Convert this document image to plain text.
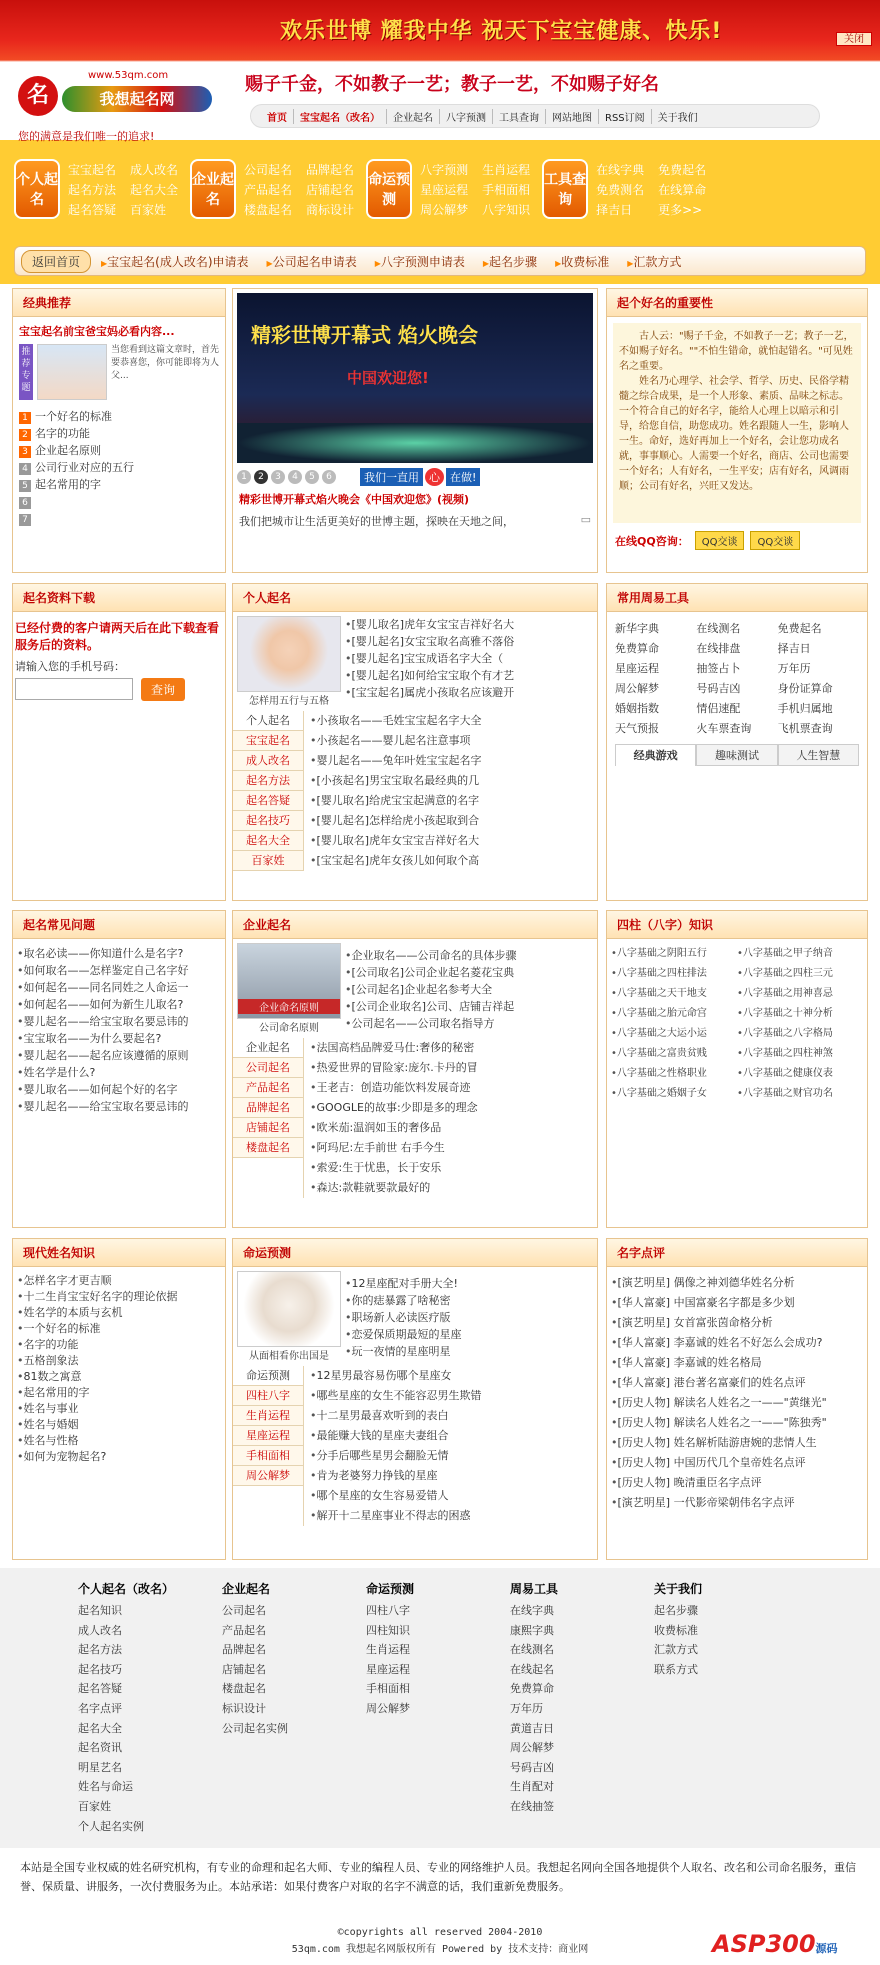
欢乐世博 耀我中华 祝天下宝宝健康、快乐!	关闭
名
www.53qm.com
我想起名网
您的满意是我们唯一的追求!
赐子千金，不如教子一艺；教子一艺，不如赐子好名
首页	宝宝起名（改名）	企业起名	八字预测	工具查询	网站地图	RSS订阅	关于我们
个人起名
宝宝起名 成人改名
起名方法 起名大全
起名答疑 百家姓
企业起名
公司起名 品牌起名
产品起名 店铺起名
楼盘起名 商标设计
命运预测
八字预测 生肖运程
星座运程 手相面相
周公解梦 八字知识
工具查询
在线字典 免费起名
免费测名 在线算命
择吉日	更多>>
返回首页	▶ 宝宝起名(成人改名)申请表	▶ 公司起名申请表	▶ 八字预测申请表	▶ 起名步骤	▶ 收费标准	▶ 汇款方式
经典推荐
宝宝起名前宝爸宝妈必看内容...
推荐专题
当您看到这篇文章时，首先要恭喜您，你可能即将为人父...
1 一个好名的标准
2 名字的功能
3 企业起名原则
4 公司行业对应的五行
5 起名常用的字
6
7
精彩世博开幕式 焰火晚会
中国欢迎您!
1	2	3	4	5	6	我们一直用 心 在做!
精彩世博开幕式焰火晚会《中国欢迎您》(视频)
我们把城市让生活更美好的世博主题，探映在天地之间，	▭
起个好名的重要性

古人云："赐子千金，不如教子一艺；教子一艺，不如赐子好名。""不怕生错命，就怕起错名。"可见姓名之重要。

姓名乃心理学、社会学、哲学、历史、民俗学精髓之综合成果，是一个人形象、素质、品味之标志。一个符合自己的好名字，能给人心理上以暗示和引导，给您自信，助您成功。姓名跟随人一生，影响人一生。命好，选好再加上一个好名，会让您功成名就，事事顺心。人需要一个好名，商店、公司也需要一个好名；人有好名，一生平安；店有好名，风调雨顺；公司有好名，兴旺又发达。

在线QQ咨询：	QQ交谈	QQ交谈
起名资料下载
已经付费的客户请两天后在此下载查看服务后的资料。
请输入您的手机号码：
查询
个人起名
怎样用五行与五格
• [婴儿取名]虎年女宝宝吉祥好名大
• [婴儿起名]女宝宝取名高雅不落俗
• [婴儿起名]宝宝成语名字大全（
• [婴儿起名]如何给宝宝取个有才艺
• [宝宝起名]属虎小孩取名应该避开
个人起名
宝宝起名
成人改名
起名方法
起名答疑
起名技巧
起名大全
百家姓
• 小孩取名——毛姓宝宝起名字大全
• 小孩起名——婴儿起名注意事项
• 婴儿起名——兔年叶姓宝宝起名字
• [小孩起名]男宝宝取名最经典的几
• [婴儿取名]给虎宝宝起满意的名字
• [婴儿起名]怎样给虎小孩起取到合
• [婴儿取名]虎年女宝宝吉祥好名大
• [宝宝起名]虎年女孩儿如何取个高
常用周易工具
新华字典	在线测名	免费起名
免费算命	在线排盘	择吉日
星座运程	抽签占卜	万年历
周公解梦	号码吉凶	身份证算命
婚姻指数	情侣速配	手机归属地
天气预报	火车票查询	飞机票查询
经典游戏	趣味测试	人生智慧
起名常见问题
• 取名必读——你知道什么是名字?
• 如何取名——怎样鉴定自己名字好
• 如何起名——同名同姓之人命运一
• 如何起名——如何为新生儿取名?
• 婴儿起名——给宝宝取名要忌讳的
• 宝宝取名——为什么要起名?
• 婴儿起名——起名应该遵循的原则
• 姓名学是什么?
• 婴儿取名——如何起个好的名字
• 婴儿起名——给宝宝取名要忌讳的
企业起名
企业命名原则
公司命名原则
• 企业取名——公司命名的具体步骤
• [公司取名]公司企业起名菱花宝典
• [公司起名]企业起名参考大全
• [公司企业取名]公司、店铺吉祥起
• 公司起名——公司取名指导方
企业起名
公司起名
产品起名
品牌起名
店铺起名
楼盘起名
• 法国高档品牌爱马仕:奢侈的秘密
• 热爱世界的冒险家:庞尔.卡丹的冒
• 王老吉：创造功能饮料发展奇迹
• GOOGLE的故事:少即是多的理念
• 欧米茄:温润如玉的奢侈品
• 阿玛尼:左手前世 右手今生
• 索爱:生于忧患，长于安乐
• 森达:款鞋就要款最好的
四柱（八字）知识
• 八字基础之阴阳五行	• 八字基础之甲子纳音
• 八字基础之四柱排法	• 八字基础之四柱三元
• 八字基础之天干地支	• 八字基础之用神喜忌
• 八字基础之胎元命宫	• 八字基础之十神分析
• 八字基础之大运小运	• 八字基础之八字格局
• 八字基础之富贵贫贱	• 八字基础之四柱神煞
• 八字基础之性格职业	• 八字基础之健康仪表
• 八字基础之婚姻子女	• 八字基础之财官功名
现代姓名知识
• 怎样名字才更吉顺
• 十二生肖宝宝好名字的理论依据
• 姓名学的本质与玄机
• 一个好名的标准
• 名字的功能
• 五格剖象法
• 81数之寓意
• 起名常用的字
• 姓名与事业
• 姓名与婚姻
• 姓名与性格
• 如何为宠物起名?
命运预测
从面相看你出国是
• 12星座配对手册大全!
• 你的痣暴露了啥秘密
• 职场新人必读医疗版
• 恋爱保质期最短的星座
• 玩一夜情的星座明星
命运预测
四柱八字
生肖运程
星座运程
手相面相
周公解梦
• 12星男最容易伤哪个星座女
• 哪些星座的女生不能容忍男生欺错
• 十二星男最喜欢听到的表白
• 最能赚大钱的星座夫妻组合
• 分手后哪些星男会翻脸无情
• 肯为老婆努力挣钱的星座
• 哪个星座的女生容易爱错人
• 解开十二星座事业不得志的困惑
名字点评
• [演艺明星] 偶像之神刘德华姓名分析
• [华人富豪] 中国富豪名字都是多少划
• [演艺明星] 女首富张茵命格分析
• [华人富豪] 李嘉诚的姓名不好怎么会成功?
• [华人富豪] 李嘉诚的姓名格局
• [华人富豪] 港台著名富豪们的姓名点评
• [历史人物] 解读名人姓名之一——"黄继光"
• [历史人物] 解读名人姓名之一——"陈独秀"
• [历史人物] 姓名解析陆游唐婉的悲情人生
• [历史人物] 中国历代几个皇帝姓名点评
• [历史人物] 晚清重臣名字点评
• [演艺明星] 一代影帝梁朝伟名字点评
个人起名（改名）
起名知识
成人改名
起名方法
起名技巧
起名答疑
名字点评
起名大全
起名资讯
明星艺名
姓名与命运
百家姓
个人起名实例
企业起名
公司起名
产品起名
品牌起名
店铺起名
楼盘起名
标识设计
公司起名实例
命运预测
四柱八字
四柱知识
生肖运程
星座运程
手相面相
周公解梦
周易工具
在线字典
康熙字典
在线测名
在线起名
免费算命
万年历
黄道吉日
周公解梦
号码吉凶
生肖配对
在线抽签
关于我们
起名步骤
收费标准
汇款方式
联系方式
本站是全国专业权威的姓名研究机构，有专业的命理和起名大师、专业的编程人员、专业的网络维护人员。我想起名网向全国各地提供个人取名、改名和公司命名服务，重信誉、保质量、讲服务，一次付费服务为止。本站承诺：如果付费客户对取的名字不满意的话，我们重新免费服务。
©copyrights all reserved 2004-2010
53qm.com 我想起名网版权所有 Powered by 技术支持：商业网	ASP300源码
